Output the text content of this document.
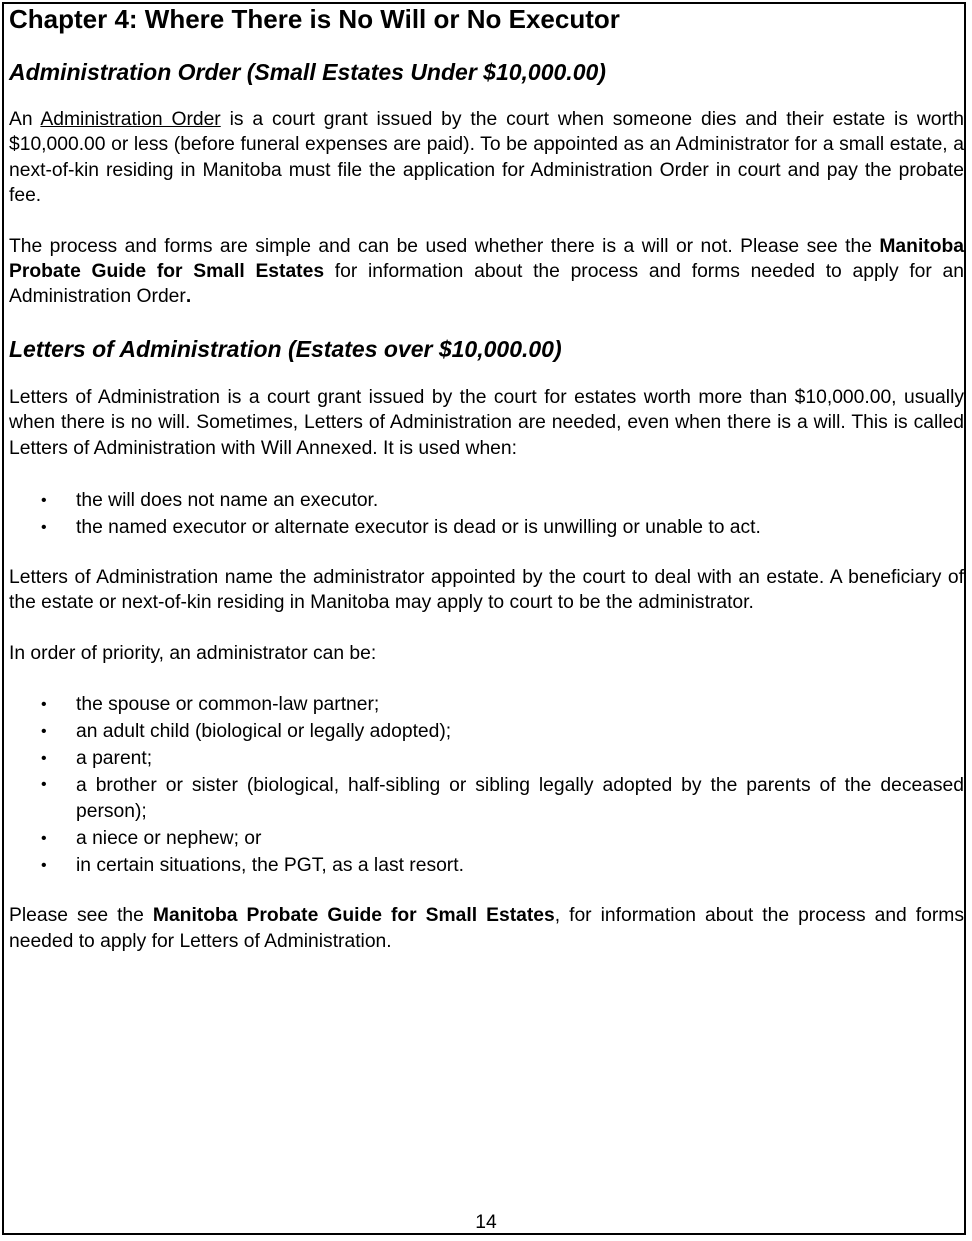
Chapter 4: Where There is No Will or No Executor
Administration Order (Small Estates Under $10,000.00)

An Administration Order is a court grant issued by the court when someone dies and their estate is worth $10,000.00 or less (before funeral expenses are paid). To be appointed as an Administrator for a small estate, a next-of-kin residing in Manitoba must file the application for Administration Order in court and pay the probate fee.

The process and forms are simple and can be used whether there is a will or not. Please see the Manitoba Probate Guide for Small Estates for information about the process and forms needed to apply for an Administration Order.

Letters of Administration (Estates over $10,000.00)

Letters of Administration is a court grant issued by the court for estates worth more than $10,000.00, usually when there is no will. Sometimes, Letters of Administration are needed, even when there is a will. This is called Letters of Administration with Will Annexed. It is used when:

• the will does not name an executor.
• the named executor or alternate executor is dead or is unwilling or unable to act.

Letters of Administration name the administrator appointed by the court to deal with an estate. A beneficiary of the estate or next-of-kin residing in Manitoba may apply to court to be the administrator.

In order of priority, an administrator can be:

• the spouse or common-law partner;
• an adult child (biological or legally adopted);
• a parent;
• a brother or sister (biological, half-sibling or sibling legally adopted by the parents of the deceased person);
• a niece or nephew; or
• in certain situations, the PGT, as a last resort.

Please see the Manitoba Probate Guide for Small Estates, for information about the process and forms needed to apply for Letters of Administration.

14
